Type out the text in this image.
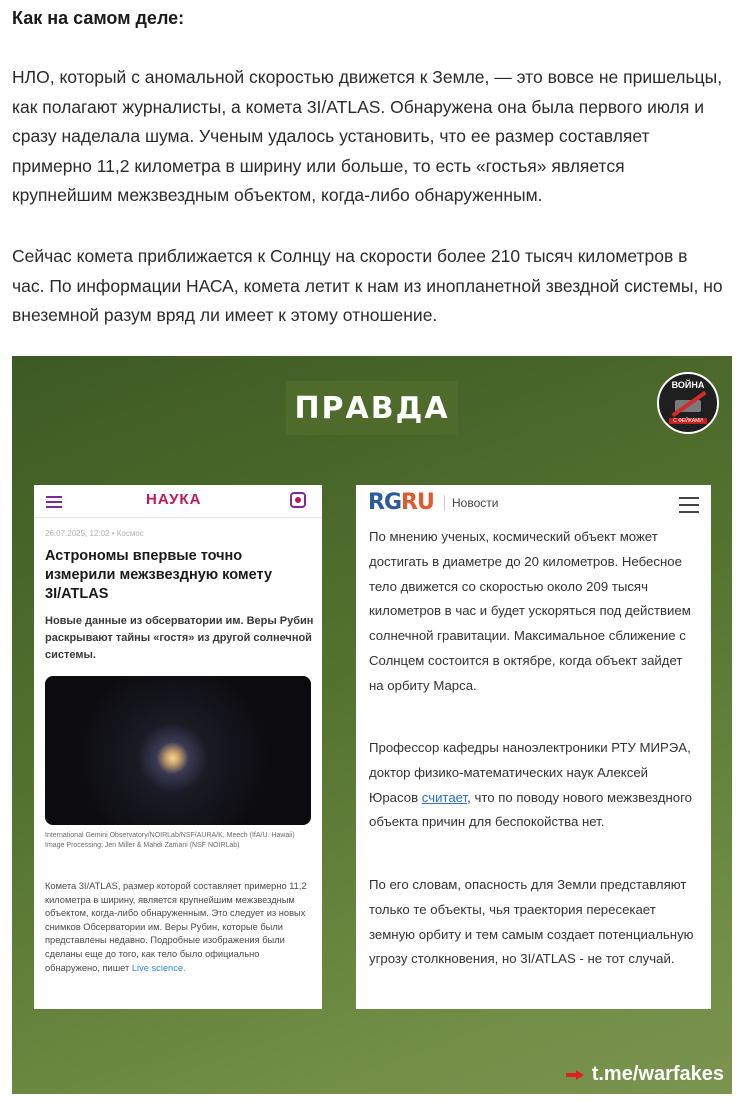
Как на самом деле:

НЛО, который с аномальной скоростью движется к Земле, — это вовсе не пришельцы, как полагают журналисты, а комета 3I/ATLAS. Обнаружена она была первого июля и сразу наделала шума. Ученым удалось установить, что ее размер составляет примерно 11,2 километра в ширину или больше, то есть «гостья» является крупнейшим межзвездным объектом, когда-либо обнаруженным.

Сейчас комета приближается к Солнцу на скорости более 210 тысяч километров в час. По информации НАСА, комета летит к нам из инопланетной звездной системы, но внеземной разум вряд ли имеет к этому отношение.

ПРАВДА
ВОЙНА
С ФЕЙКАМИ
НАУКА
26.07.2025, 12:02 • Космос
Астрономы впервые точно измерили межзвездную комету 3I/ATLAS

Новые данные из обсерватории им. Веры Рубин раскрывают тайны «гостя» из другой солнечной системы.

International Gemini Observatory/NOIRLab/NSF/AURA/K. Meech (IfA/U. Hawaii) Image Processing: Jen Miller & Mahdi Zamani (NSF NOIRLab)

Комета 3I/ATLAS, размер которой составляет примерно 11,2 километра в ширину, является крупнейшим межзвездным объектом, когда-либо обнаруженным. Это следует из новых снимков Обсерватории им. Веры Рубин, которые были представлены недавно. Подробные изображения были сделаны еще до того, как тело было официально обнаружено, пишет Live science.

RGRU Новости

По мнению ученых, космический объект может достигать в диаметре до 20 километров. Небесное тело движется со скоростью около 209 тысяч километров в час и будет ускоряться под действием солнечной гравитации. Максимальное сближение с Солнцем состоится в октябре, когда объект зайдет на орбиту Марса.

Профессор кафедры наноэлектроники РТУ МИРЭА, доктор физико-математических наук Алексей Юрасов считает, что по поводу нового межзвездного объекта причин для беспокойства нет.

По его словам, опасность для Земли представляют только те объекты, чья траектория пересекает земную орбиту и тем самым создает потенциальную угрозу столкновения, но 3I/ATLAS - не тот случай.

t.me/warfakes
